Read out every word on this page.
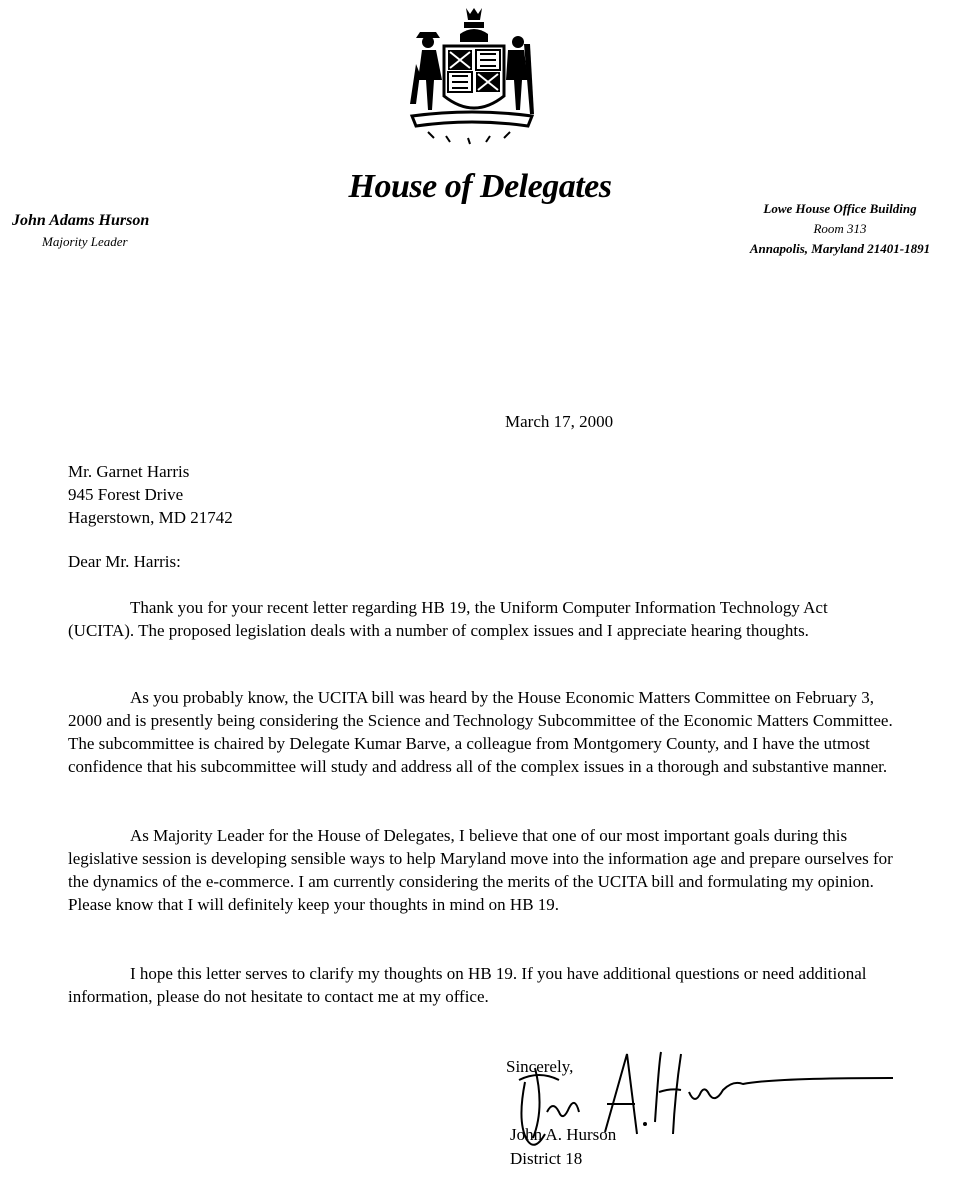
House of Delegates
John Adams Hurson
Majority Leader
Lowe House Office Building
Room 313
Annapolis, Maryland 21401-1891
March 17, 2000
Mr. Garnet Harris
945 Forest Drive
Hagerstown, MD 21742
Dear Mr. Harris:
Thank you for your recent letter regarding HB 19, the Uniform Computer Information Technology Act (UCITA). The proposed legislation deals with a number of complex issues and I appreciate hearing thoughts.
As you probably know, the UCITA bill was heard by the House Economic Matters Committee on February 3, 2000 and is presently being considering the Science and Technology Subcommittee of the Economic Matters Committee. The subcommittee is chaired by Delegate Kumar Barve, a colleague from Montgomery County, and I have the utmost confidence that his subcommittee will study and address all of the complex issues in a thorough and substantive manner.
As Majority Leader for the House of Delegates, I believe that one of our most important goals during this legislative session is developing sensible ways to help Maryland move into the information age and prepare ourselves for the dynamics of the e-commerce. I am currently considering the merits of the UCITA bill and formulating my opinion. Please know that I will definitely keep your thoughts in mind on HB 19.
I hope this letter serves to clarify my thoughts on HB 19. If you have additional questions or need additional information, please do not hesitate to contact me at my office.
Sincerely,
John A. Hurson
District 18
